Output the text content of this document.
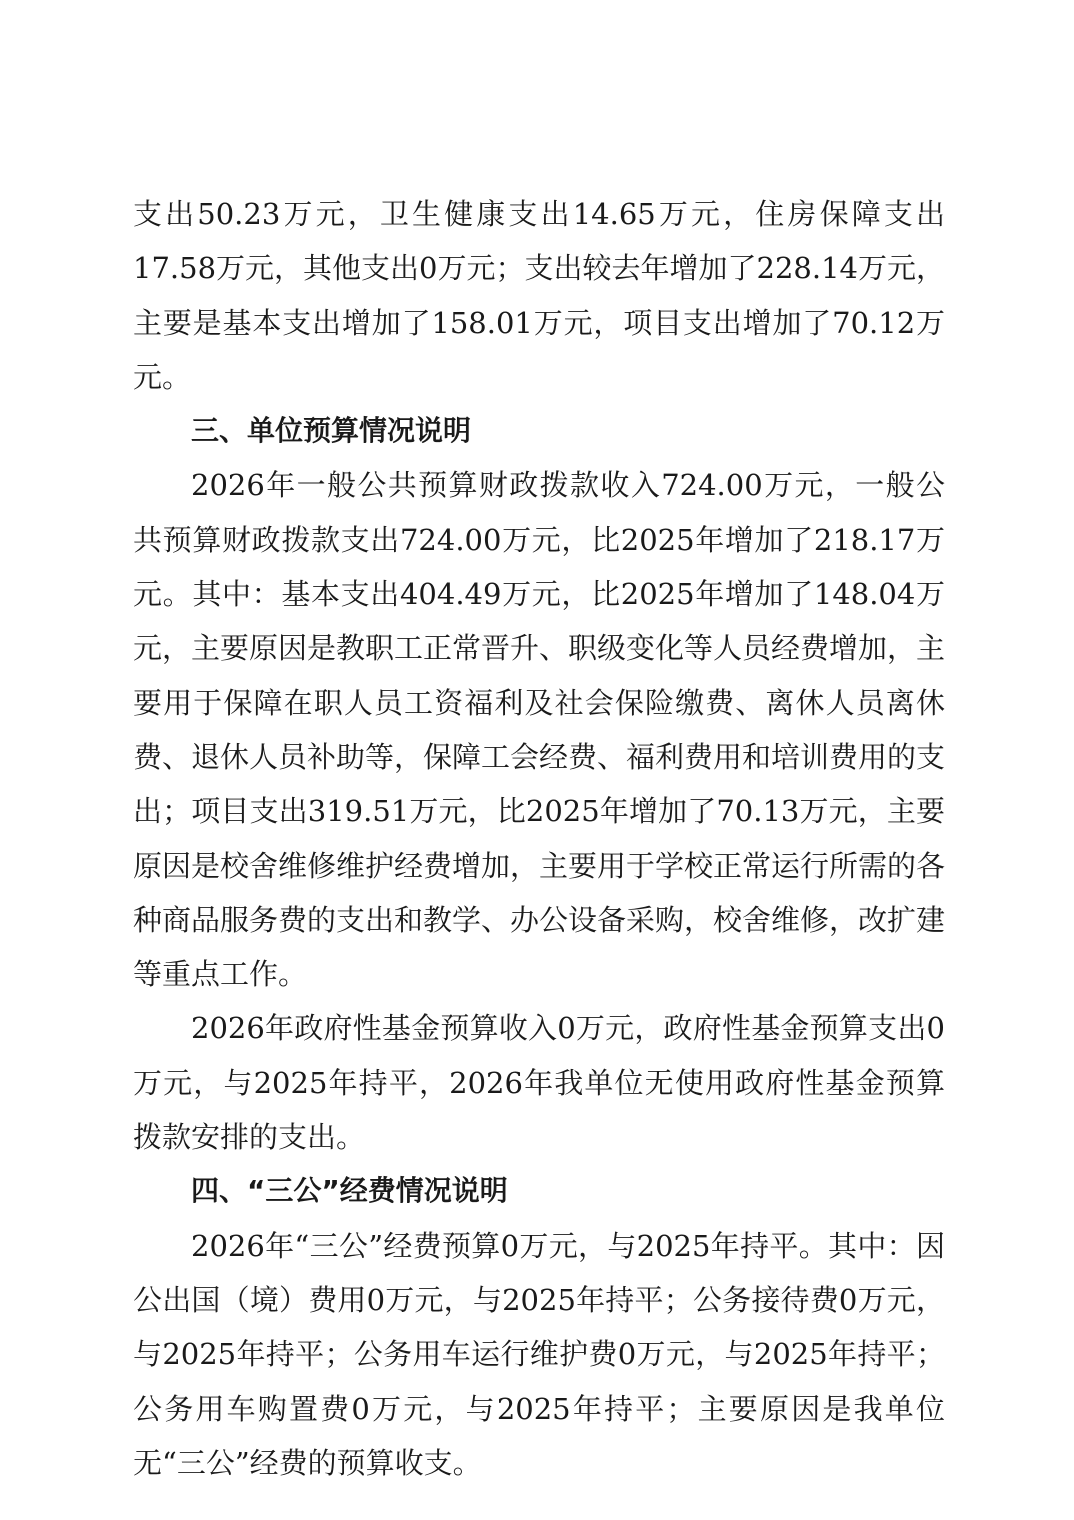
支出50.23万元，卫生健康支出14.65万元，住房保障支出17.58万元，其他支出0万元；支出较去年增加了228.14万元，主要是基本支出增加了158.01万元，项目支出增加了70.12万元。

三、单位预算情况说明

2026年一般公共预算财政拨款收入724.00万元，一般公共预算财政拨款支出724.00万元，比2025年增加了218.17万元。其中：基本支出404.49万元，比2025年增加了148.04万元，主要原因是教职工正常晋升、职级变化等人员经费增加，主要用于保障在职人员工资福利及社会保险缴费、离休人员离休费、退休人员补助等，保障工会经费、福利费用和培训费用的支出；项目支出319.51万元，比2025年增加了70.13万元，主要原因是校舍维修维护经费增加，主要用于学校正常运行所需的各种商品服务费的支出和教学、办公设备采购，校舍维修，改扩建等重点工作。

2026年政府性基金预算收入0万元，政府性基金预算支出0万元，与2025年持平，2026年我单位无使用政府性基金预算拨款安排的支出。

四、“三公”经费情况说明

2026年“三公”经费预算0万元，与2025年持平。其中：因公出国（境）费用0万元，与2025年持平；公务接待费0万元，与2025年持平；公务用车运行维护费0万元，与2025年持平；公务用车购置费0万元，与2025年持平；主要原因是我单位无“三公”经费的预算收支。
